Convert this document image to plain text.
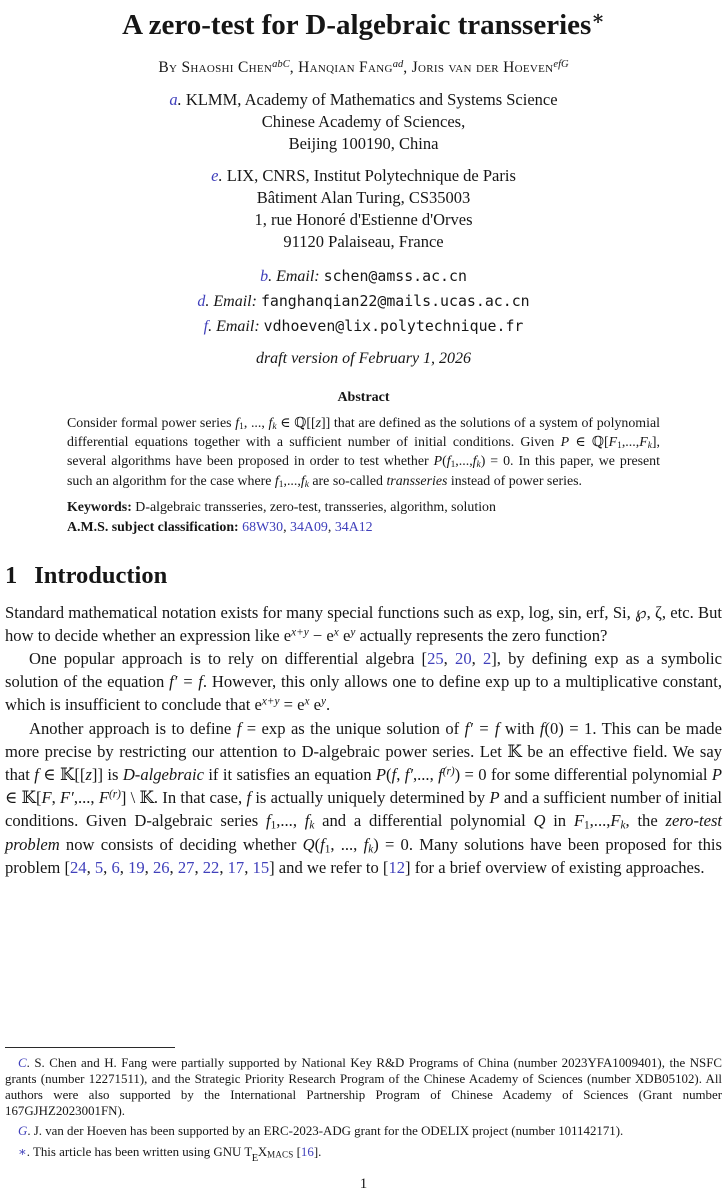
A zero-test for D-algebraic transseries∗
By Shaoshi Chen$^{abC}$, Hanqian Fang$^{ad}$, Joris van der Hoeven$^{efG}$
a. KLMM, Academy of Mathematics and Systems Science
Chinese Academy of Sciences,
Beijing 100190, China
e. LIX, CNRS, Institut Polytechnique de Paris
Bâtiment Alan Turing, CS35003
1, rue Honoré d'Estienne d'Orves
91120 Palaiseau, France
b. Email: schen@amss.ac.cn
d. Email: fanghanqian22@mails.ucas.ac.cn
f. Email: vdhoeven@lix.polytechnique.fr
draft version of February 1, 2026
Abstract

Consider formal power series $f_1$, ..., $f_k$ ∈ ℚ[[z]] that are defined as the solutions of a system of polynomial differential equations together with a sufficient number of initial conditions. Given P ∈ $ℚ[F_1,...,F_k]$, several algorithms have been proposed in order to test whether $P(f_1,...,f_k) = 0$. In this paper, we present such an algorithm for the case where $f_1,...,f_k$ are so-called transseries instead of power series.

Keywords: D-algebraic transseries, zero-test, transseries, algorithm, solution

A.M.S. subject classification: 68W30, 34A09, 34A12

1 Introduction

Standard mathematical notation exists for many special functions such as exp, log, sin, erf, Si, ℘, ζ, etc. But how to decide whether an expression like $e^{x+y} - e^x$ $e^y$ actually represents the zero function?

One popular approach is to rely on differential algebra [25, 20, 2], by defining exp as a symbolic solution of the equation f′ = f. However, this only allows one to define exp up to a multiplicative constant, which is insufficient to conclude that $e^{x+y} = e^x$ $e^y$.

Another approach is to define f = exp as the unique solution of f′ = f with f(0) = 1. This can be made more precise by restricting our attention to D-algebraic power series. Let 𝕂 be an effective field. We say that f ∈ 𝕂[[z]] is D-algebraic if it satisfies an equation P(f, f′,..., $f^{(r)}) = 0$ for some differential polynomial P ∈ 𝕂[F, F′,..., $F^{(r)}$] \ 𝕂. In that case, f is actually uniquely determined by P and a sufficient number of initial conditions. Given D-algebraic series $f_1$,..., $f_k$ and a differential polynomial Q in $F_1,...,F_k$, the zero-test problem now consists of deciding whether $Q(f_1$, ..., $f_k) = 0$. Many solutions have been proposed for this problem [24, 5, 6, 19, 26, 27, 22, 17, 15] and we refer to [12] for a brief overview of existing approaches.

C. S. Chen and H. Fang were partially supported by National Key R&D Programs of China (number 2023YFA1009401), the NSFC grants (number 12271511), and the Strategic Priority Research Program of the Chinese Academy of Sciences (number XDB05102). All authors were also supported by the International Partnership Program of Chinese Academy of Sciences (Grant number 167GJHZ2023001FN).

G. J. van der Hoeven has been supported by an ERC-2023-ADG grant for the ODELIX project (number 101142171).

∗. This article has been written using GNU $T_EXMACS$ [16].

1
